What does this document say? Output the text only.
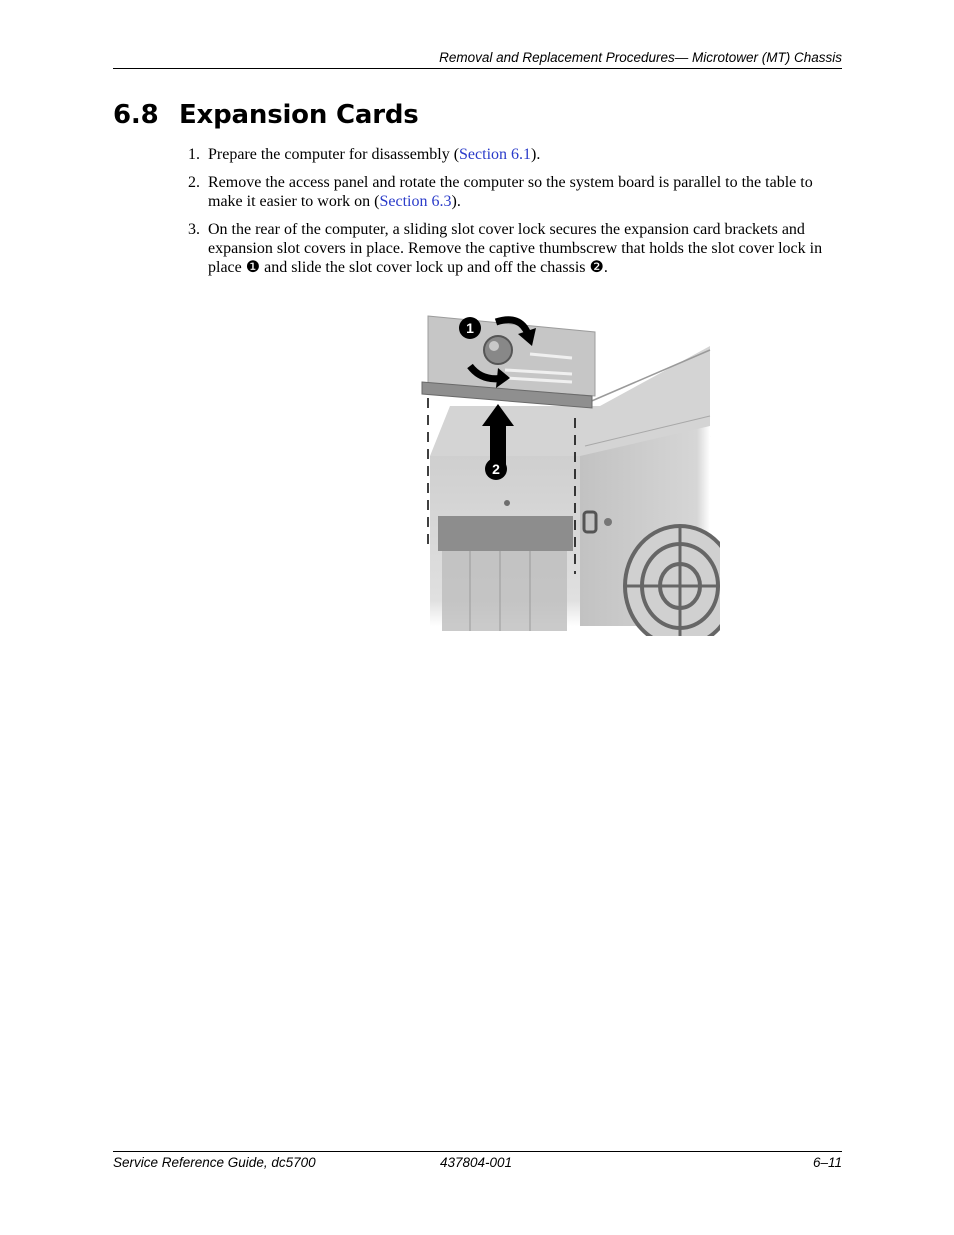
Removal and Replacement Procedures— Microtower (MT) Chassis
6.8 Expansion Cards
1. Prepare the computer for disassembly (Section 6.1).
2. Remove the access panel and rotate the computer so the system board is parallel to the table to make it easier to work on (Section 6.3).
3. On the rear of the computer, a sliding slot cover lock secures the expansion card brackets and expansion slot covers in place. Remove the captive thumbscrew that holds the slot cover lock in place ❶ and slide the slot cover lock up and off the chassis ❷.
1
2
Service Reference Guide, dc5700	437804-001	6–11
